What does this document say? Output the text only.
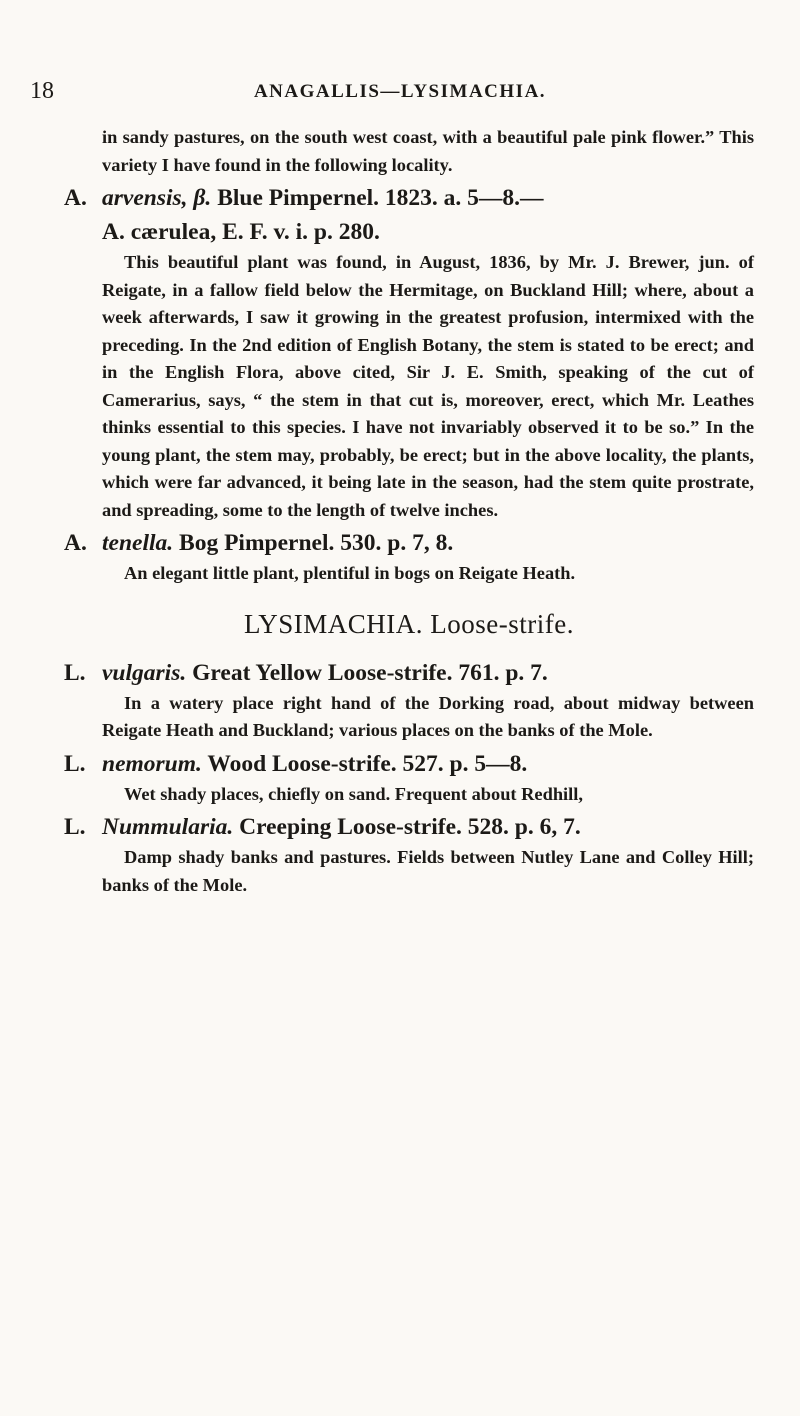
18	ANAGALLIS—LYSIMACHIA.

in sandy pastures, on the south west coast, with a beautiful pale pink flower.” This variety I have found in the following locality.

A. arvensis, β. Blue Pimpernel. 1823. a. 5—8.—
A. cærulea, E. F. v. i. p. 280.

This beautiful plant was found, in August, 1836, by Mr. J. Brewer, jun. of Reigate, in a fallow field below the Hermitage, on Buckland Hill; where, about a week afterwards, I saw it growing in the greatest profusion, intermixed with the preceding. In the 2nd edition of English Botany, the stem is stated to be erect; and in the English Flora, above cited, Sir J. E. Smith, speaking of the cut of Camerarius, says, “ the stem in that cut is, moreover, erect, which Mr. Leathes thinks essential to this species. I have not invariably observed it to be so.” In the young plant, the stem may, probably, be erect; but in the above locality, the plants, which were far advanced, it being late in the season, had the stem quite prostrate, and spreading, some to the length of twelve inches.

A. tenella. Bog Pimpernel. 530. p. 7, 8.

An elegant little plant, plentiful in bogs on Reigate Heath.

LYSIMACHIA. Loose-strife.

L. vulgaris. Great Yellow Loose-strife. 761. p. 7.

In a watery place right hand of the Dorking road, about midway between Reigate Heath and Buckland; various places on the banks of the Mole.

L. nemorum. Wood Loose-strife. 527. p. 5—8.

Wet shady places, chiefly on sand. Frequent about Redhill,

L. Nummularia. Creeping Loose-strife. 528. p. 6, 7.

Damp shady banks and pastures. Fields between Nutley Lane and Colley Hill; banks of the Mole.
